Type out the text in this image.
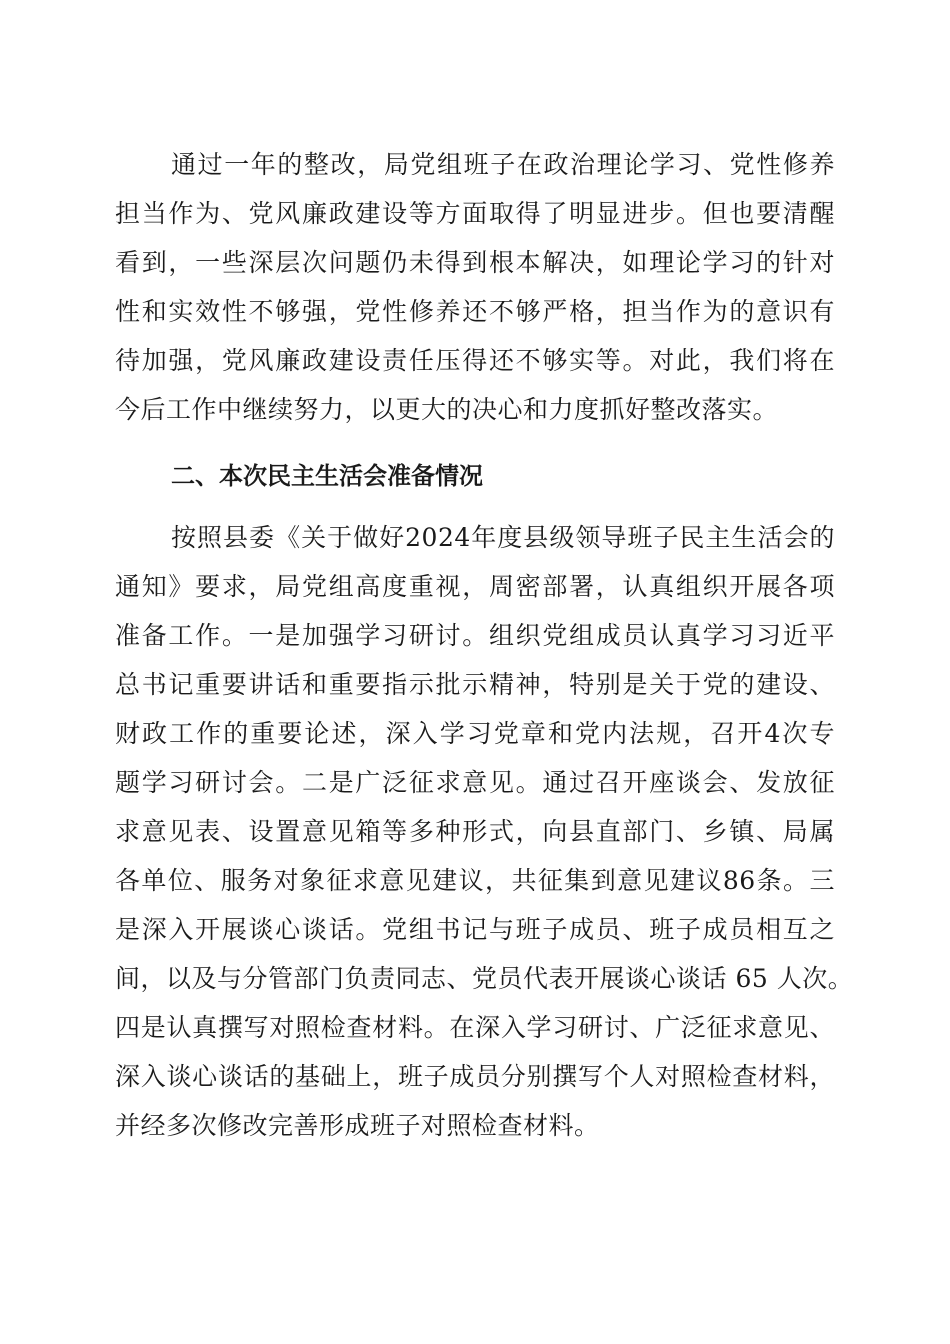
通过一年的整改，局党组班子在政治理论学习、党性修养
担当作为、党风廉政建设等方面取得了明显进步。但也要清醒
看到，一些深层次问题仍未得到根本解决，如理论学习的针对
性和实效性不够强，党性修养还不够严格，担当作为的意识有
待加强，党风廉政建设责任压得还不够实等。对此，我们将在
今后工作中继续努力，以更大的决心和力度抓好整改落实。
二、本次民主生活会准备情况
按照县委《关于做好2024年度县级领导班子民主生活会的
通知》要求，局党组高度重视，周密部署，认真组织开展各项
准备工作。一是加强学习研讨。组织党组成员认真学习习近平
总书记重要讲话和重要指示批示精神，特别是关于党的建设、
财政工作的重要论述，深入学习党章和党内法规，召开4次专
题学习研讨会。二是广泛征求意见。通过召开座谈会、发放征
求意见表、设置意见箱等多种形式，向县直部门、乡镇、局属
各单位、服务对象征求意见建议，共征集到意见建议86条。三
是深入开展谈心谈话。党组书记与班子成员、班子成员相互之
间，以及与分管部门负责同志、党员代表开展谈心谈话 65 人次。
四是认真撰写对照检查材料。在深入学习研讨、广泛征求意见、
深入谈心谈话的基础上，班子成员分别撰写个人对照检查材料，
并经多次修改完善形成班子对照检查材料。
